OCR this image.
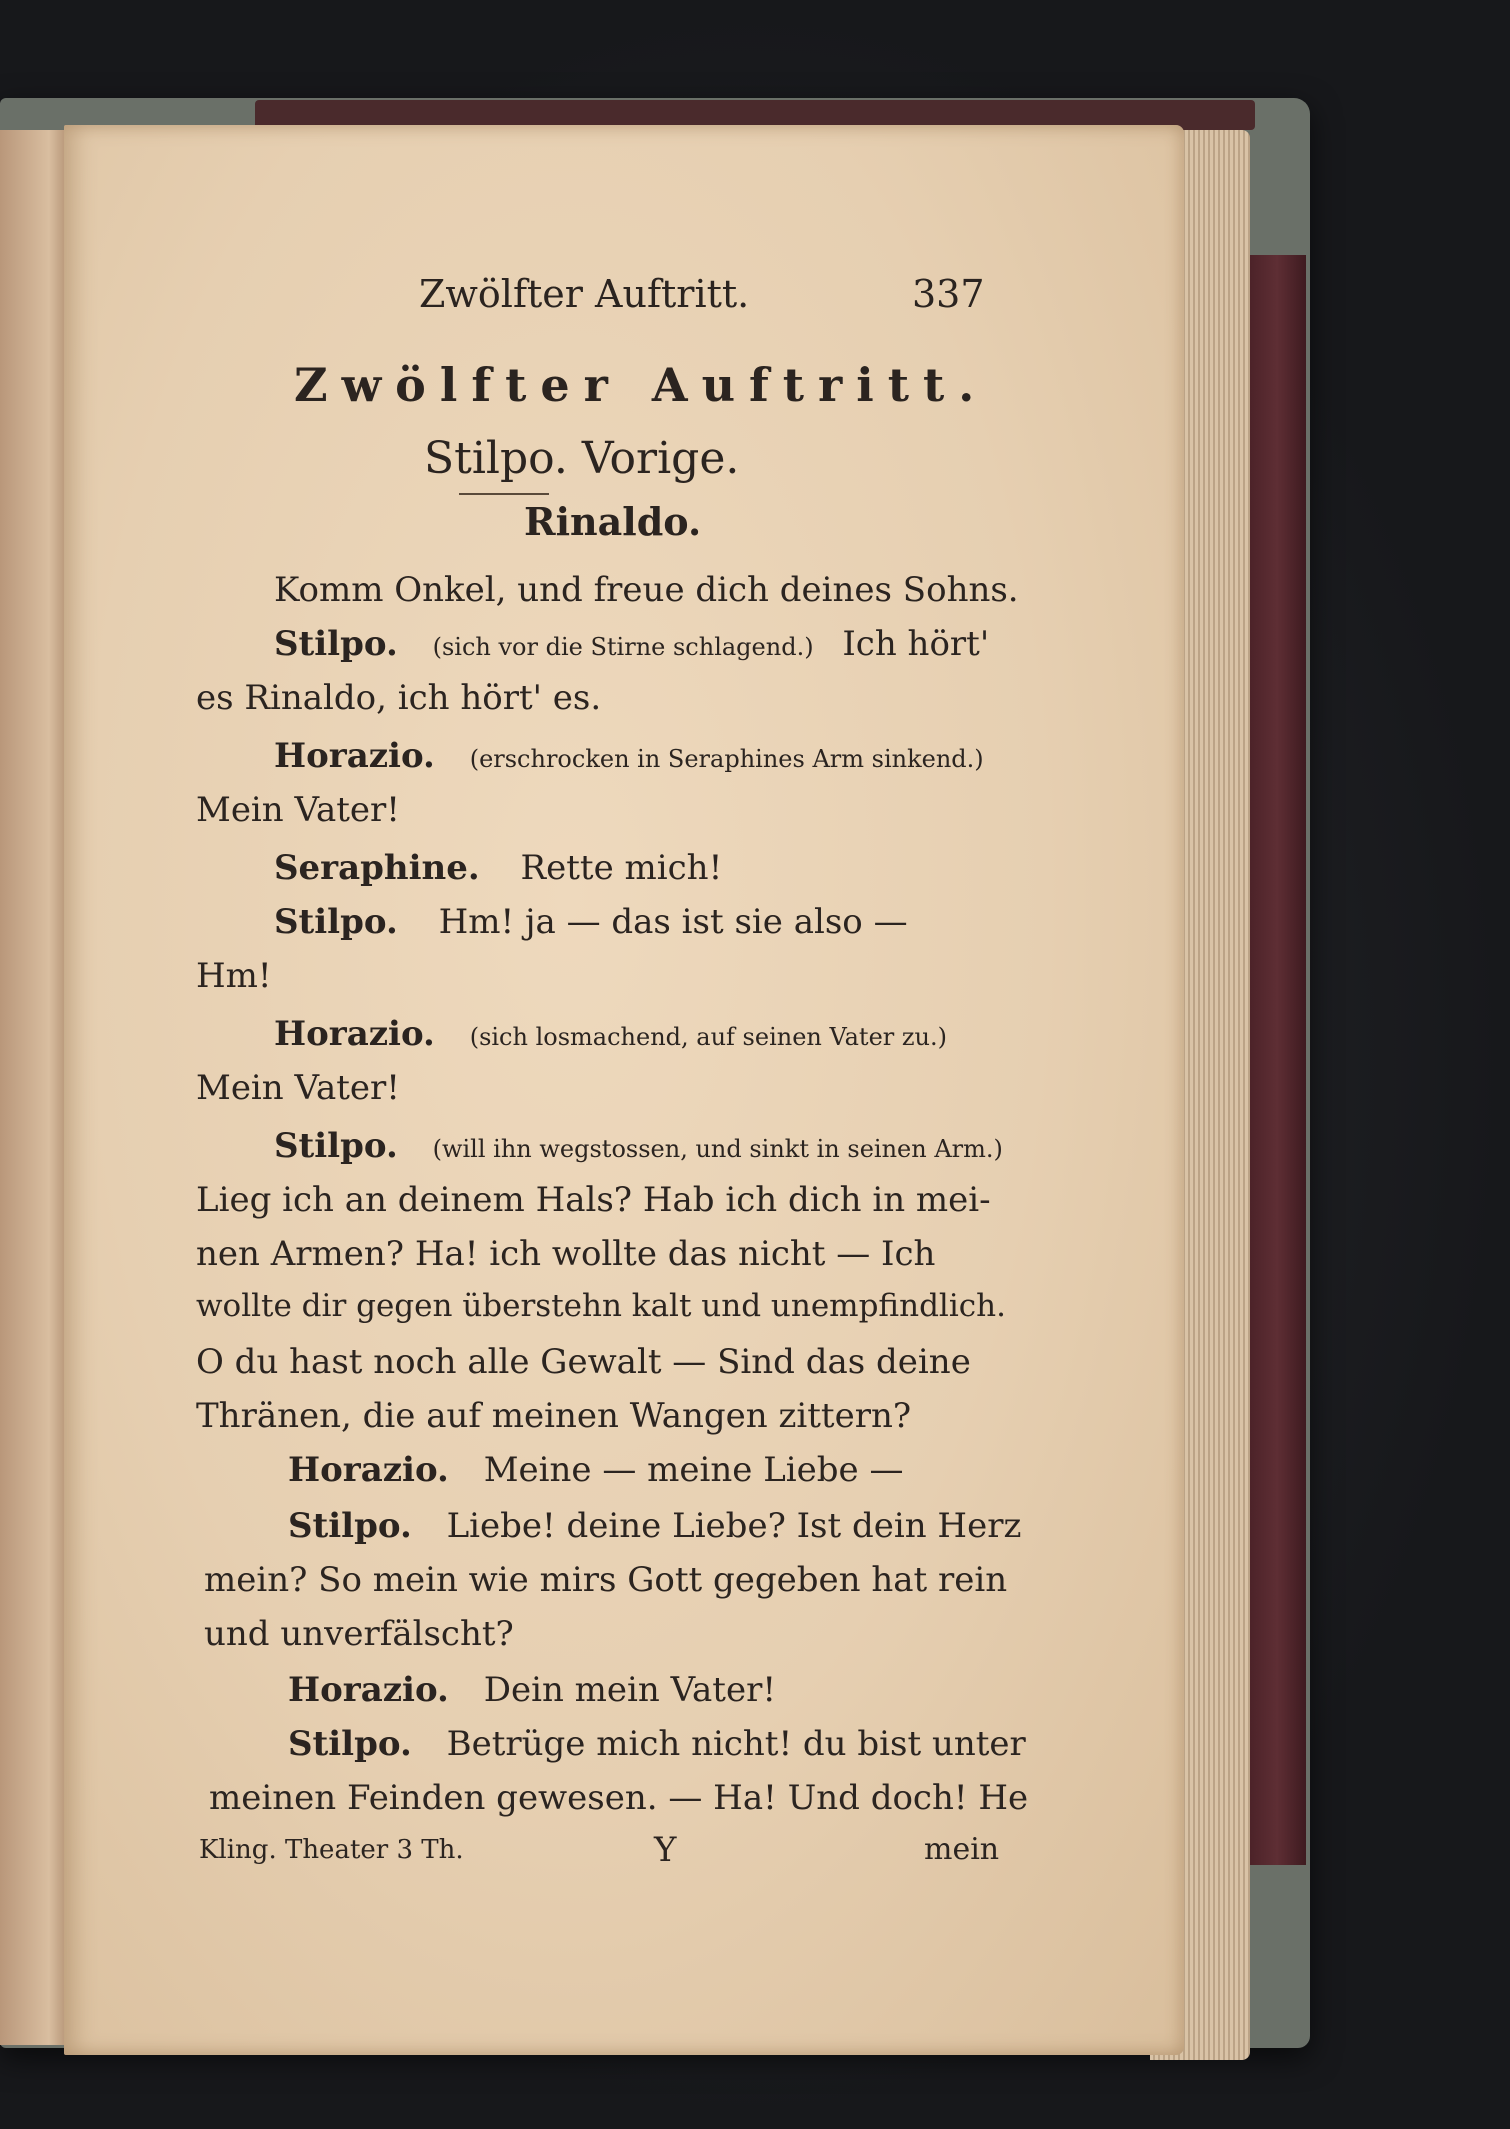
Zwölfter Auftritt.	337
Zwölfter Auftritt.
Stilpo. Vorige.
Rinaldo.
Komm Onkel, und freue dich deines Sohns.
Stilpo. (sich vor die Stirne schlagend.) Ich hört'
es Rinaldo, ich hört' es.
Horazio. (erschrocken in Seraphines Arm sinkend.)
Mein Vater!
Seraphine. Rette mich!
Stilpo. Hm! ja — das ist sie also —
Hm!
Horazio. (sich losmachend, auf seinen Vater zu.)
Mein Vater!
Stilpo. (will ihn wegstossen, und sinkt in seinen Arm.)
Lieg ich an deinem Hals? Hab ich dich in mei-
nen Armen? Ha! ich wollte das nicht — Ich
wollte dir gegen überstehn kalt und unempfindlich.
O du hast noch alle Gewalt — Sind das deine
Thränen, die auf meinen Wangen zittern?
Horazio. Meine — meine Liebe —
Stilpo. Liebe! deine Liebe? Ist dein Herz
mein? So mein wie mirs Gott gegeben hat rein
und unverfälscht?
Horazio. Dein mein Vater!
Stilpo. Betrüge mich nicht! du bist unter
meinen Feinden gewesen. — Ha! Und doch! He
Kling. Theater 3 Th.	Y	mein
